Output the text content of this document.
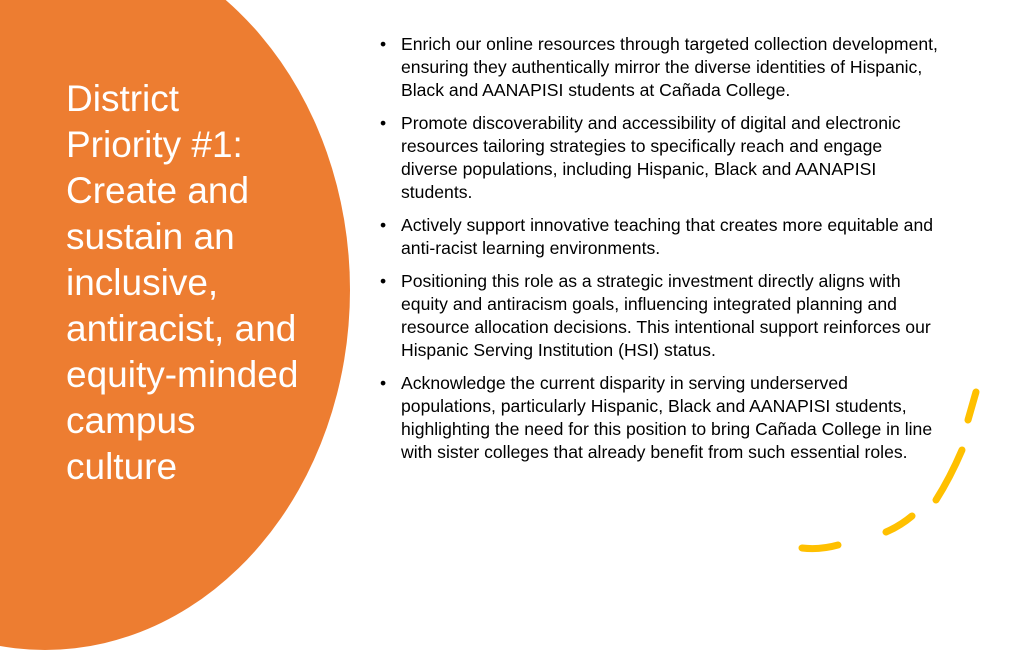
District
Priority #1:
Create and
sustain an
inclusive,
antiracist, and
equity-minded
campus
culture
• Enrich our online resources through targeted collection development, ensuring they authentically mirror the diverse identities of Hispanic, Black and AANAPISI students at Cañada College.
• Promote discoverability and accessibility of digital and electronic resources tailoring strategies to specifically reach and engage diverse populations, including Hispanic, Black and AANAPISI students.
• Actively support innovative teaching that creates more equitable and anti-racist learning environments.
• Positioning this role as a strategic investment directly aligns with equity and antiracism goals, influencing integrated planning and resource allocation decisions. This intentional support reinforces our Hispanic Serving Institution (HSI) status.
• Acknowledge the current disparity in serving underserved populations, particularly Hispanic, Black and AANAPISI students, highlighting the need for this position to bring Cañada College in line with sister colleges that already benefit from such essential roles.
